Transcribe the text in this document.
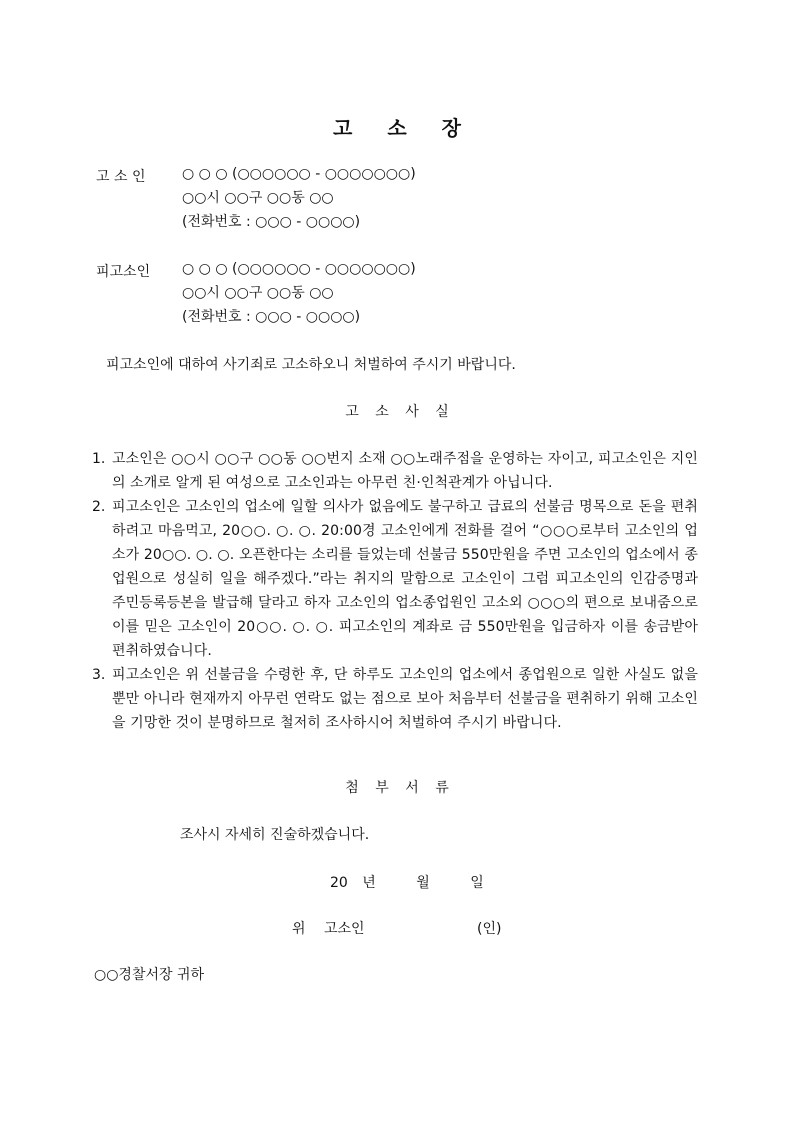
고 소 장
고 소 인	○ ○ ○ (○○○○○○ - ○○○○○○○)
○○시 ○○구 ○○동 ○○
(전화번호 : ○○○ - ○○○○)
피고소인 ○ ○ ○ (○○○○○○ - ○○○○○○○)
○○시 ○○구 ○○동 ○○
(전화번호 : ○○○ - ○○○○)
피고소인에 대하여 사기죄로 고소하오니 처벌하여 주시기 바랍니다.
고 소 사 실
1. 고소인은 ○○시 ○○구 ○○동 ○○번지 소재 ○○노래주점을 운영하는 자이고, 피고소인은 지인의 소개로 알게 된 여성으로 고소인과는 아무런 친·인척관계가 아닙니다.
2. 피고소인은 고소인의 업소에 일할 의사가 없음에도 불구하고 급료의 선불금 명목으로 돈을 편취하려고 마음먹고, 20○○. ○. ○. 20:00경 고소인에게 전화를 걸어 “○○○로부터 고소인의 업소가 20○○. ○. ○. 오픈한다는 소리를 들었는데 선불금 550만원을 주면 고소인의 업소에서 종업원으로 성실히 일을 해주겠다.”라는 취지의 말함으로 고소인이 그럼 피고소인의 인감증명과 주민등록등본을 발급해 달라고 하자 고소인의 업소종업원인 고소외 ○○○의 편으로 보내줌으로 이를 믿은 고소인이 20○○. ○. ○. 피고소인의 계좌로 금 550만원을 입금하자 이를 송금받아 편취하였습니다.
3. 피고소인은 위 선불금을 수령한 후, 단 하루도 고소인의 업소에서 종업원으로 일한 사실도 없을 뿐만 아니라 현재까지 아무런 연락도 없는 점으로 보아 처음부터 선불금을 편취하기 위해 고소인을 기망한 것이 분명하므로 철저히 조사하시어 처벌하여 주시기 바랍니다.
첨 부 서 류
조사시 자세히 진술하겠습니다.
20 년	월	일
위 고소인	(인)
○○경찰서장 귀하
